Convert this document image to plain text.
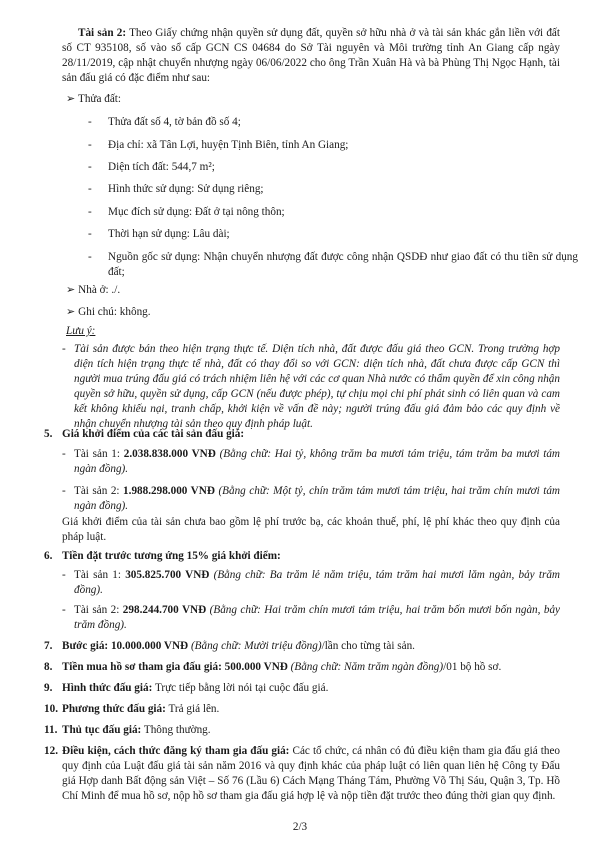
Tài sản 2: Theo Giấy chứng nhận quyền sử dụng đất, quyền sở hữu nhà ở và tài sản khác gắn liền với đất số CT 935108, số vào sổ cấp GCN CS 04684 do Sở Tài nguyên và Môi trường tỉnh An Giang cấp ngày 28/11/2019, cập nhật chuyển nhượng ngày 06/06/2022 cho ông Trần Xuân Hà và bà Phùng Thị Ngọc Hạnh, tài sản đấu giá có đặc điểm như sau:
➢ Thửa đất:
- Thửa đất số 4, tờ bản đồ số 4;
- Địa chỉ: xã Tân Lợi, huyện Tịnh Biên, tỉnh An Giang;
- Diện tích đất: 544,7 m²;
- Hình thức sử dụng: Sử dụng riêng;
- Mục đích sử dụng: Đất ở tại nông thôn;
- Thời hạn sử dụng: Lâu dài;
- Nguồn gốc sử dụng: Nhận chuyển nhượng đất được công nhận QSDĐ như giao đất có thu tiền sử dụng đất;
➢ Nhà ở: ./.
➢ Ghi chú: không.
Lưu ý:
- Tài sản được bán theo hiện trạng thực tế. Diện tích nhà, đất được đấu giá theo GCN. Trong trường hợp diện tích hiện trạng thực tế nhà, đất có thay đổi so với GCN: diện tích nhà, đất chưa được cấp GCN thì người mua trúng đấu giá có trách nhiệm liên hệ với các cơ quan Nhà nước có thẩm quyền để xin công nhận quyền sở hữu, quyền sử dụng, cấp GCN (nếu được phép), tự chịu mọi chi phí phát sinh có liên quan và cam kết không khiếu nại, tranh chấp, khởi kiện về vấn đề này; người trúng đấu giá đảm bảo các quy định về nhận chuyển nhượng tài sản theo quy định pháp luật.
5. Giá khởi điểm của các tài sản đấu giá:
- Tài sản 1: 2.038.838.000 VNĐ (Bằng chữ: Hai tỷ, không trăm ba mươi tám triệu, tám trăm ba mươi tám ngàn đồng).
- Tài sản 2: 1.988.298.000 VNĐ (Bằng chữ: Một tỷ, chín trăm tám mươi tám triệu, hai trăm chín mươi tám ngàn đồng).
Giá khởi điểm của tài sản chưa bao gồm lệ phí trước bạ, các khoản thuế, phí, lệ phí khác theo quy định của pháp luật.
6. Tiền đặt trước tương ứng 15% giá khởi điểm:
- Tài sản 1: 305.825.700 VNĐ (Bằng chữ: Ba trăm lẻ năm triệu, tám trăm hai mươi lăm ngàn, bảy trăm đồng).
- Tài sản 2: 298.244.700 VNĐ (Bằng chữ: Hai trăm chín mươi tám triệu, hai trăm bốn mươi bốn ngàn, bảy trăm đồng).
7. Bước giá: 10.000.000 VNĐ (Bằng chữ: Mười triệu đồng)/lần cho từng tài sản.
8. Tiền mua hồ sơ tham gia đấu giá: 500.000 VNĐ (Bằng chữ: Năm trăm ngàn đồng)/01 bộ hồ sơ.
9. Hình thức đấu giá: Trực tiếp bằng lời nói tại cuộc đấu giá.
10. Phương thức đấu giá: Trả giá lên.
11. Thủ tục đấu giá: Thông thường.
12. Điều kiện, cách thức đăng ký tham gia đấu giá: Các tổ chức, cá nhân có đủ điều kiện tham gia đấu giá theo quy định của Luật đấu giá tài sản năm 2016 và quy định khác của pháp luật có liên quan liên hệ Công ty Đấu giá Hợp danh Bất động sản Việt – Số 76 (Lầu 6) Cách Mạng Tháng Tám, Phường Võ Thị Sáu, Quận 3, Tp. Hồ Chí Minh để mua hồ sơ, nộp hồ sơ tham gia đấu giá hợp lệ và nộp tiền đặt trước theo đúng thời gian quy định.
2/3
